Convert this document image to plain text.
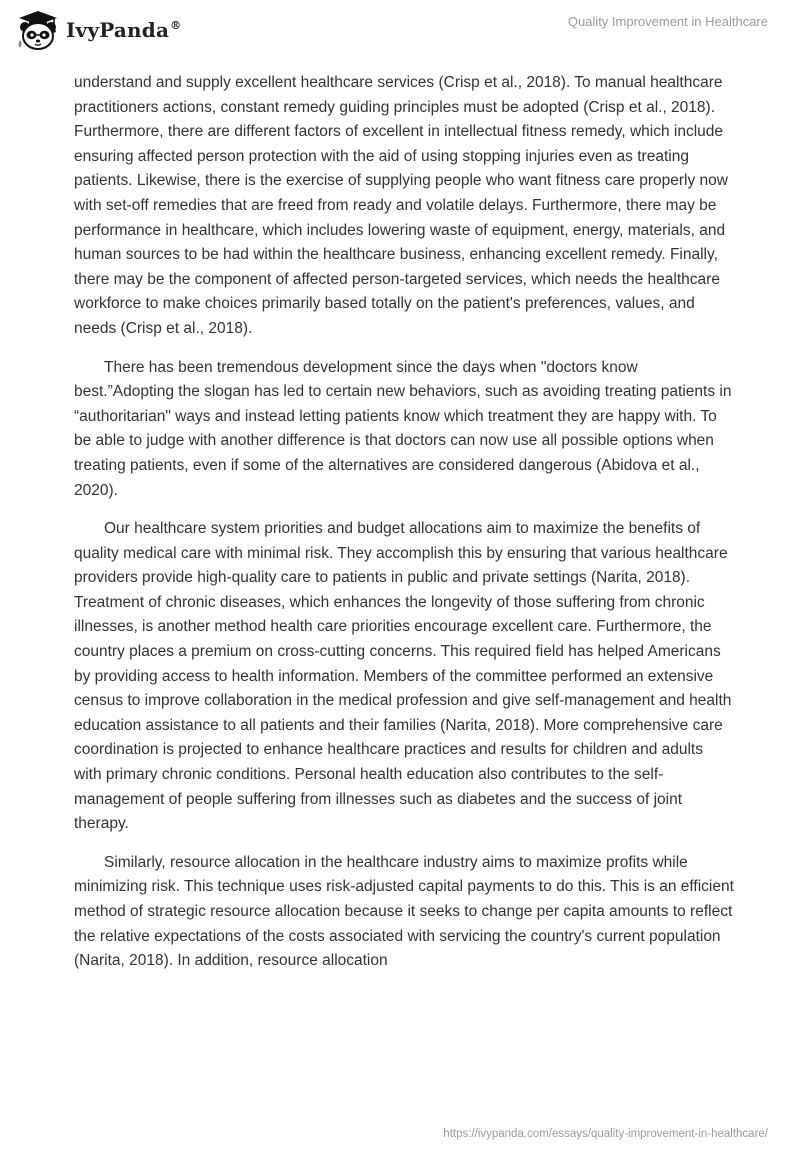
IvyPanda®	Quality Improvement in Healthcare

understand and supply excellent healthcare services (Crisp et al., 2018). To manual healthcare practitioners actions, constant remedy guiding principles must be adopted (Crisp et al., 2018). Furthermore, there are different factors of excellent in intellectual fitness remedy, which include ensuring affected person protection with the aid of using stopping injuries even as treating patients. Likewise, there is the exercise of supplying people who want fitness care properly now with set-off remedies that are freed from ready and volatile delays. Furthermore, there may be performance in healthcare, which includes lowering waste of equipment, energy, materials, and human sources to be had within the healthcare business, enhancing excellent remedy. Finally, there may be the component of affected person-targeted services, which needs the healthcare workforce to make choices primarily based totally on the patient's preferences, values, and needs (Crisp et al., 2018).

There has been tremendous development since the days when "doctors know best.”Adopting the slogan has led to certain new behaviors, such as avoiding treating patients in “authoritarian" ways and instead letting patients know which treatment they are happy with. To be able to judge with another difference is that doctors can now use all possible options when treating patients, even if some of the alternatives are considered dangerous (Abidova et al., 2020).

Our healthcare system priorities and budget allocations aim to maximize the benefits of quality medical care with minimal risk. They accomplish this by ensuring that various healthcare providers provide high-quality care to patients in public and private settings (Narita, 2018). Treatment of chronic diseases, which enhances the longevity of those suffering from chronic illnesses, is another method health care priorities encourage excellent care. Furthermore, the country places a premium on cross-cutting concerns. This required field has helped Americans by providing access to health information. Members of the committee performed an extensive census to improve collaboration in the medical profession and give self-management and health education assistance to all patients and their families (Narita, 2018). More comprehensive care coordination is projected to enhance healthcare practices and results for children and adults with primary chronic conditions. Personal health education also contributes to the self-management of people suffering from illnesses such as diabetes and the success of joint therapy.

Similarly, resource allocation in the healthcare industry aims to maximize profits while minimizing risk. This technique uses risk-adjusted capital payments to do this. This is an efficient method of strategic resource allocation because it seeks to change per capita amounts to reflect the relative expectations of the costs associated with servicing the country's current population (Narita, 2018). In addition, resource allocation

https://ivypanda.com/essays/quality-improvement-in-healthcare/
